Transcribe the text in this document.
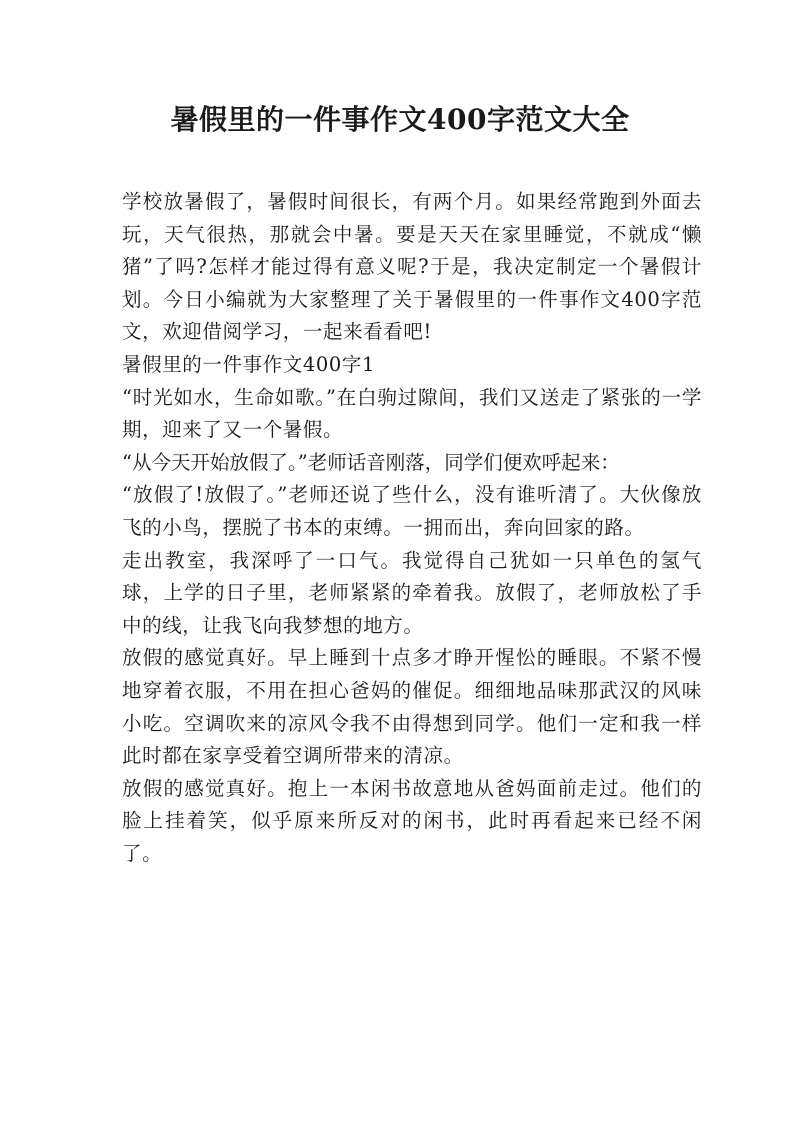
暑假里的一件事作文400字范文大全

学校放暑假了，暑假时间很长，有两个月。如果经常跑到外面去玩，天气很热，那就会中暑。要是天天在家里睡觉，不就成“懒猪”了吗?怎样才能过得有意义呢?于是，我决定制定一个暑假计划。今日小编就为大家整理了关于暑假里的一件事作文400字范文，欢迎借阅学习，一起来看看吧!

暑假里的一件事作文400字1

“时光如水，生命如歌。”在白驹过隙间，我们又送走了紧张的一学期，迎来了又一个暑假。

“从今天开始放假了。”老师话音刚落，同学们便欢呼起来：

“放假了!放假了。”老师还说了些什么，没有谁听清了。大伙像放飞的小鸟，摆脱了书本的束缚。一拥而出，奔向回家的路。

走出教室，我深呼了一口气。我觉得自己犹如一只单色的氢气球，上学的日子里，老师紧紧的牵着我。放假了，老师放松了手中的线，让我飞向我梦想的地方。

放假的感觉真好。早上睡到十点多才睁开惺忪的睡眼。不紧不慢地穿着衣服，不用在担心爸妈的催促。细细地品味那武汉的风味小吃。空调吹来的凉风令我不由得想到同学。他们一定和我一样此时都在家享受着空调所带来的清凉。

放假的感觉真好。抱上一本闲书故意地从爸妈面前走过。他们的脸上挂着笑，似乎原来所反对的闲书，此时再看起来已经不闲了。
